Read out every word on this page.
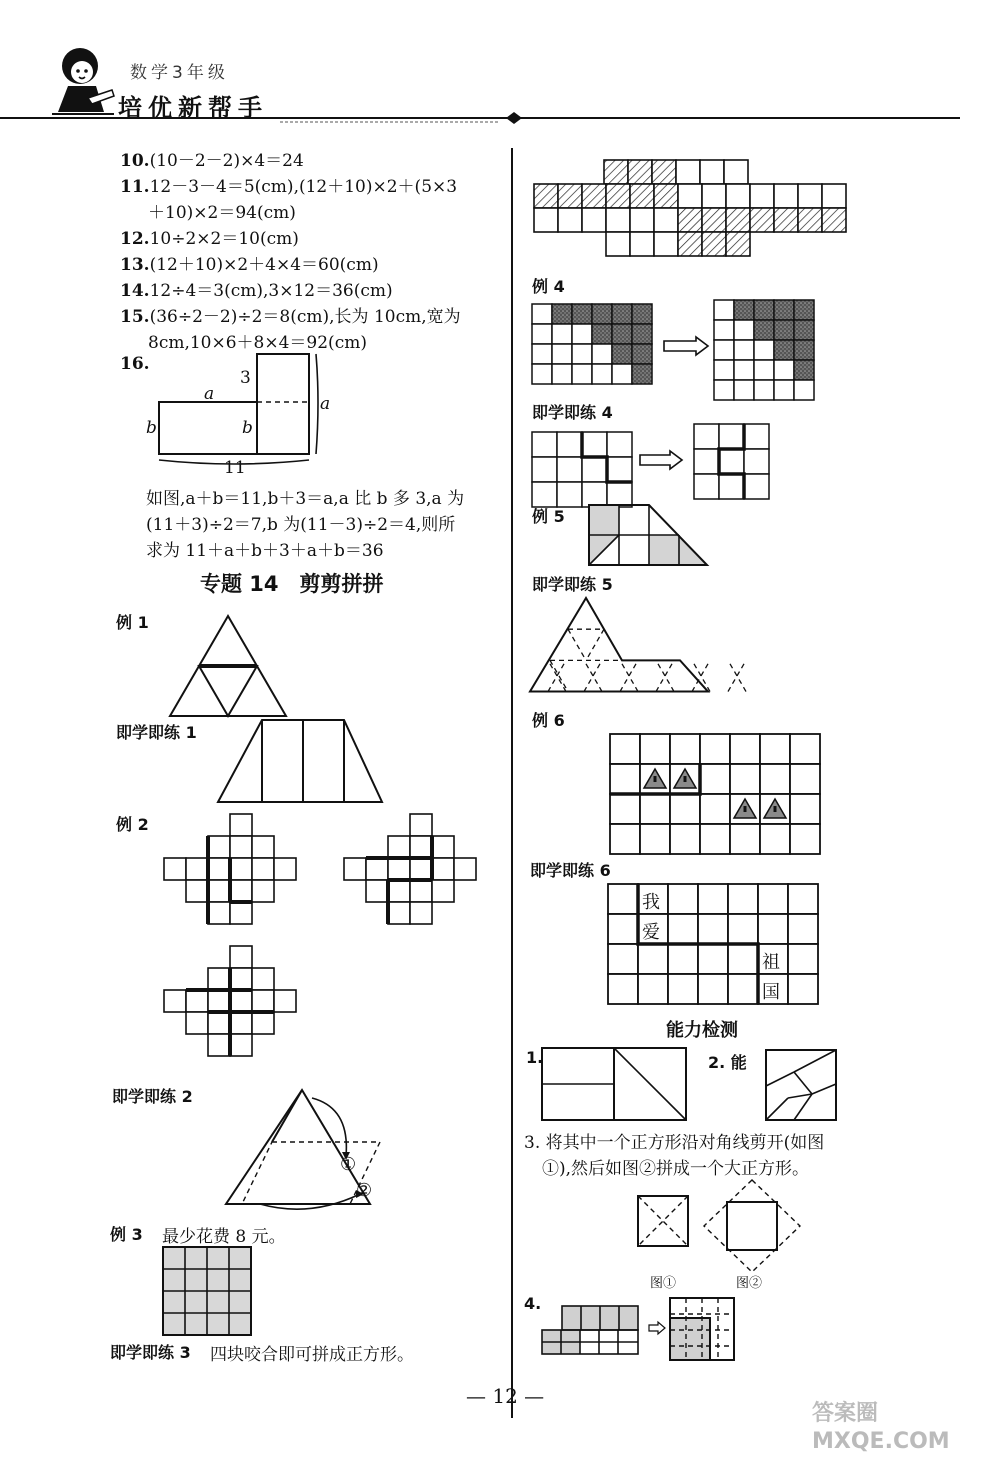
数学3年级
培优新帮手
10.(10－2－2)×4＝24
11.12－3－4＝5(cm),(12＋10)×2＋(5×3
＋10)×2＝94(cm)
12.10÷2×2＝10(cm)
13.(12＋10)×2＋4×4＝60(cm)
14.12÷4＝3(cm),3×12＝36(cm)
15.(36÷2－2)÷2＝8(cm),长为 10cm,宽为
8cm,10×6＋8×4＝92(cm)
16.
3
a	a
b	b
11
如图,a＋b＝11,b＋3＝a,a 比 b 多 3,a 为
(11＋3)÷2＝7,b 为(11－3)÷2＝4,则所
求为 11＋a＋b＋3＋a＋b＝36
专题 14　剪剪拼拼
例 1
即学即练 1
例 2
即学即练 2
①
②
例 3 最少花费 8 元。
即学即练 3 四块咬合即可拼成正方形。
例 4
即学即练 4
例 5
即学即练 5
例 6
即学即练 6
我
爱
祖
国
能力检测
1.	2. 能
3. 将其中一个正方形沿对角线剪开(如图
①),然后如图②拼成一个大正方形。
图①	图②
4.
— 12 —
答案圈 MXQE.COM
